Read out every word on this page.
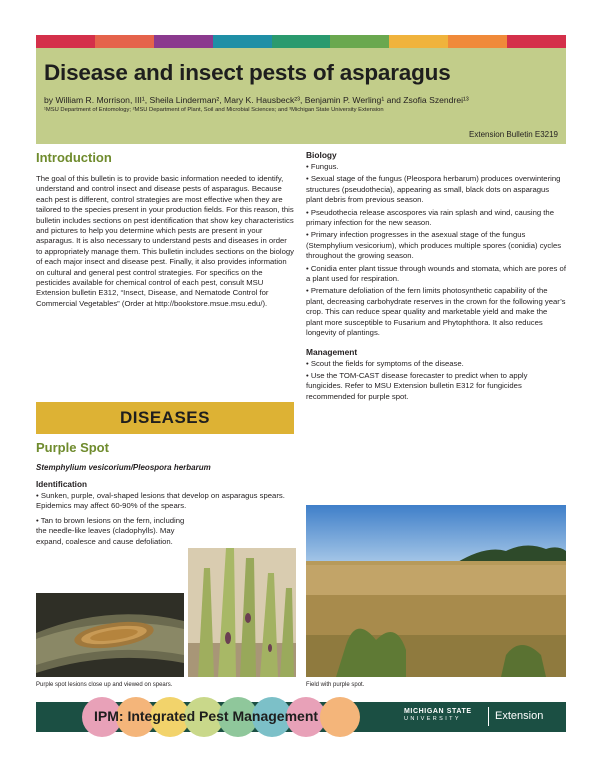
Disease and insect pests of asparagus
by William R. Morrison, III¹, Sheila Linderman², Mary K. Hausbeck²³, Benjamin P. Werling¹ and Zsofia Szendrei¹³
¹MSU Department of Entomology; ²MSU Department of Plant, Soil and Microbial Sciences; and ³Michigan State University Extension
Extension Bulletin E3219
Introduction

The goal of this bulletin is to provide basic information needed to identify, understand and control insect and disease pests of asparagus. Because each pest is different, control strategies are most effective when they are tailored to the species present in your production fields. For this reason, this bulletin includes sections on pest identification that show key characteristics and pictures to help you determine which pests are present in your asparagus. It is also necessary to understand pests and diseases in order to appropriately manage them. This bulletin includes sections on the biology of each major insect and disease pest. Finally, it also provides information on cultural and general pest control strategies. For specifics on the pesticides available for chemical control of each pest, consult MSU Extension bulletin E312, “Insect, Disease, and Nematode Control for Commercial Vegetables” (Order at http://bookstore.msue.msu.edu/).

DISEASES
Purple Spot
Stemphylium vesicorium/Pleospora herbarum
Identification

• Sunken, purple, oval-shaped lesions that develop on asparagus spears. Epidemics may affect 60-90% of the spears.

• Tan to brown lesions on the fern, including the needle-like leaves (cladophylls). May expand, coalesce and cause defoliation.

Biology

• Fungus.

• Sexual stage of the fungus (Pleospora herbarum) produces overwintering structures (pseudothecia), appearing as small, black dots on asparagus plant debris from previous season.

• Pseudothecia release ascospores via rain splash and wind, causing the primary infection for the new season.

• Primary infection progresses in the asexual stage of the fungus (Stemphylium vesicorium), which produces multiple spores (conidia) cycles throughout the growing season.

• Conidia enter plant tissue through wounds and stomata, which are pores of a plant used for respiration.

• Premature defoliation of the fern limits photosynthetic capability of the plant, decreasing carbohydrate reserves in the crown for the following year’s crop. This can reduce spear quality and marketable yield and make the plant more susceptible to Fusarium and Phytophthora. It also reduces longevity of plantings.

Management

• Scout the fields for symptoms of the disease.

• Use the TOM-CAST disease forecaster to predict when to apply fungicides. Refer to MSU Extension bulletin E312 for fungicides recommended for purple spot.

Purple spot lesions close up and viewed on spears.	Field with purple spot.
IPM: Integrated Pest Management	MICHIGAN STATE
UNIVERSITY	Extension
